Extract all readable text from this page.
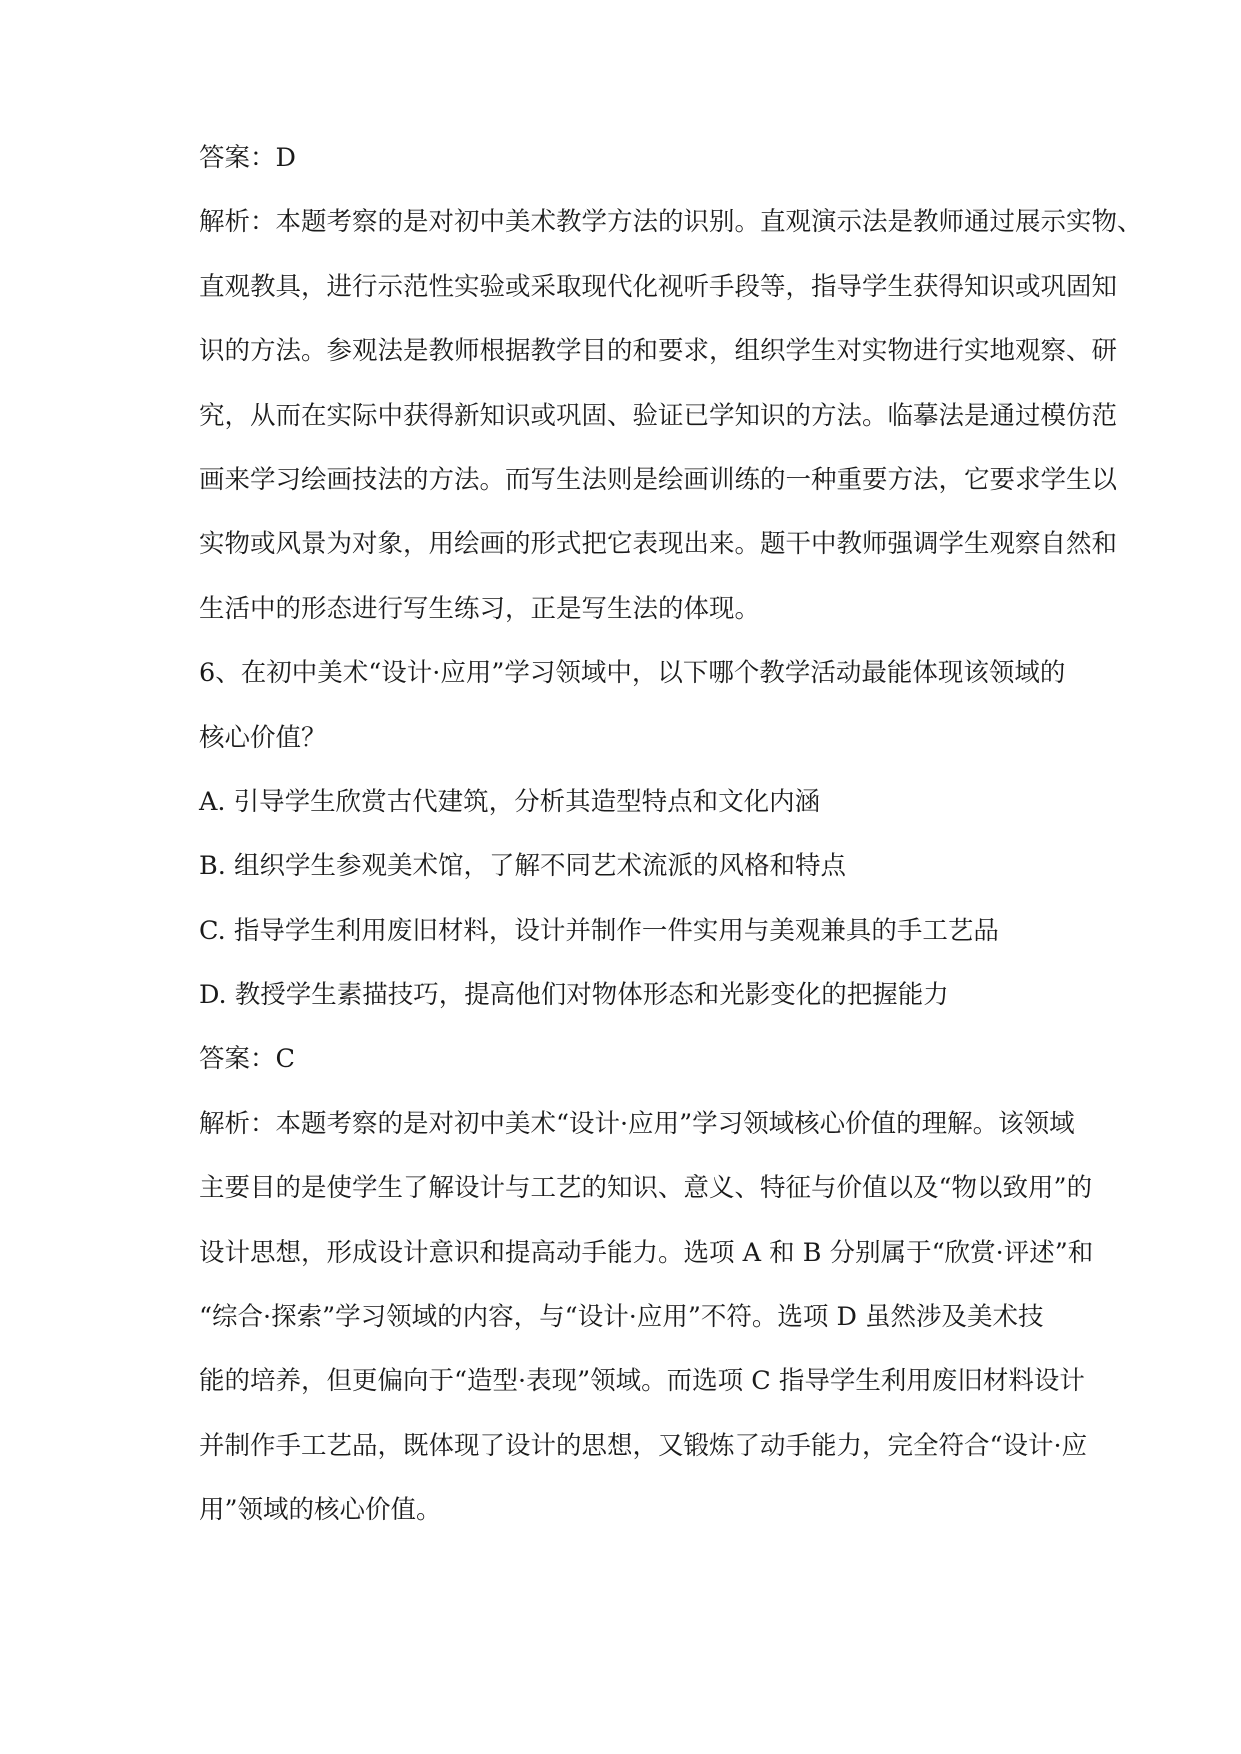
答案：D
解析：本题考察的是对初中美术教学方法的识别。直观演示法是教师通过展示实物、
直观教具，进行示范性实验或采取现代化视听手段等，指导学生获得知识或巩固知
识的方法。参观法是教师根据教学目的和要求，组织学生对实物进行实地观察、研
究，从而在实际中获得新知识或巩固、验证已学知识的方法。临摹法是通过模仿范
画来学习绘画技法的方法。而写生法则是绘画训练的一种重要方法，它要求学生以
实物或风景为对象，用绘画的形式把它表现出来。题干中教师强调学生观察自然和
生活中的形态进行写生练习，正是写生法的体现。
6、在初中美术“设计·应用”学习领域中，以下哪个教学活动最能体现该领域的
核心价值？
A. 引导学生欣赏古代建筑，分析其造型特点和文化内涵
B. 组织学生参观美术馆，了解不同艺术流派的风格和特点
C. 指导学生利用废旧材料，设计并制作一件实用与美观兼具的手工艺品
D. 教授学生素描技巧，提高他们对物体形态和光影变化的把握能力
答案：C
解析：本题考察的是对初中美术“设计·应用”学习领域核心价值的理解。该领域
主要目的是使学生了解设计与工艺的知识、意义、特征与价值以及“物以致用”的
设计思想，形成设计意识和提高动手能力。选项 A 和 B 分别属于“欣赏·评述”和
“综合·探索”学习领域的内容，与“设计·应用”不符。选项 D 虽然涉及美术技
能的培养，但更偏向于“造型·表现”领域。而选项 C 指导学生利用废旧材料设计
并制作手工艺品，既体现了设计的思想，又锻炼了动手能力，完全符合“设计·应
用”领域的核心价值。
